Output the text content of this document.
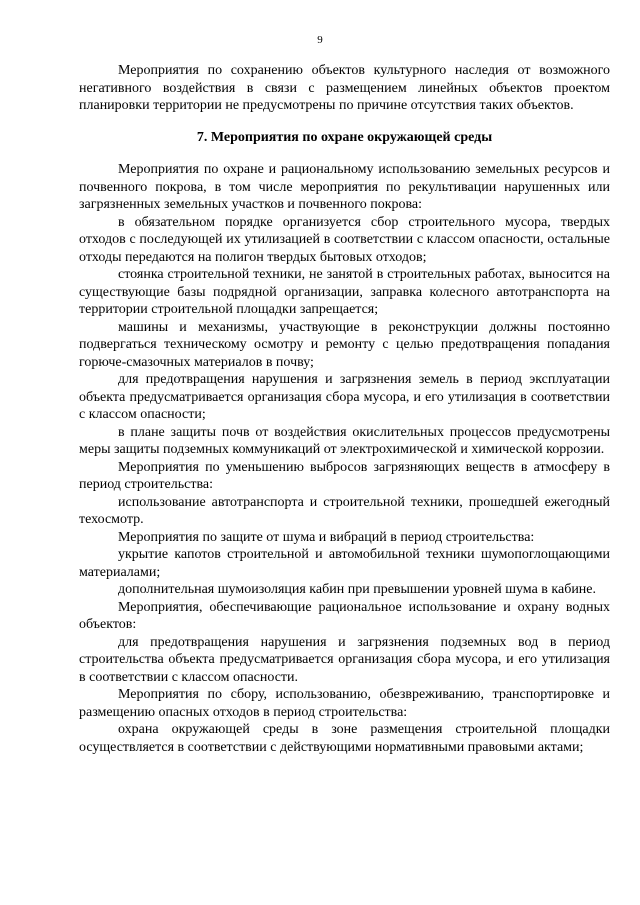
9

Мероприятия по сохранению объектов культурного наследия от возможного негативного воздействия в связи с размещением линейных объектов проектом планировки территории не предусмотрены по причине отсутствия таких объектов.

7. Мероприятия по охране окружающей среды

Мероприятия по охране и рациональному использованию земельных ресурсов и почвенного покрова, в том числе мероприятия по рекультивации нарушенных или загрязненных земельных участков и почвенного покрова:

в обязательном порядке организуется сбор строительного мусора, твердых отходов с последующей их утилизацией в соответствии с классом опасности, остальные отходы передаются на полигон твердых бытовых отходов;

стоянка строительной техники, не занятой в строительных работах, выносится на существующие базы подрядной организации, заправка колесного автотранспорта на территории строительной площадки запрещается;

машины и механизмы, участвующие в реконструкции должны постоянно подвергаться техническому осмотру и ремонту с целью предотвращения попадания горюче-смазочных материалов в почву;

для предотвращения нарушения и загрязнения земель в период эксплуатации объекта предусматривается организация сбора мусора, и его утилизация в соответствии с классом опасности;

в плане защиты почв от воздействия окислительных процессов предусмотрены меры защиты подземных коммуникаций от электрохимической и химической коррозии.

Мероприятия по уменьшению выбросов загрязняющих веществ в атмосферу в период строительства:

использование автотранспорта и строительной техники, прошедшей ежегодный техосмотр.

Мероприятия по защите от шума и вибраций в период строительства:

укрытие капотов строительной и автомобильной техники шумопоглощающими материалами;

дополнительная шумоизоляция кабин при превышении уровней шума в кабине.

Мероприятия, обеспечивающие рациональное использование и охрану водных объектов:

для предотвращения нарушения и загрязнения подземных вод в период строительства объекта предусматривается организация сбора мусора, и его утилизация в соответствии с классом опасности.

Мероприятия по сбору, использованию, обезвреживанию, транспортировке и размещению опасных отходов в период строительства:

охрана окружающей среды в зоне размещения строительной площадки осуществляется в соответствии с действующими нормативными правовыми актами;
